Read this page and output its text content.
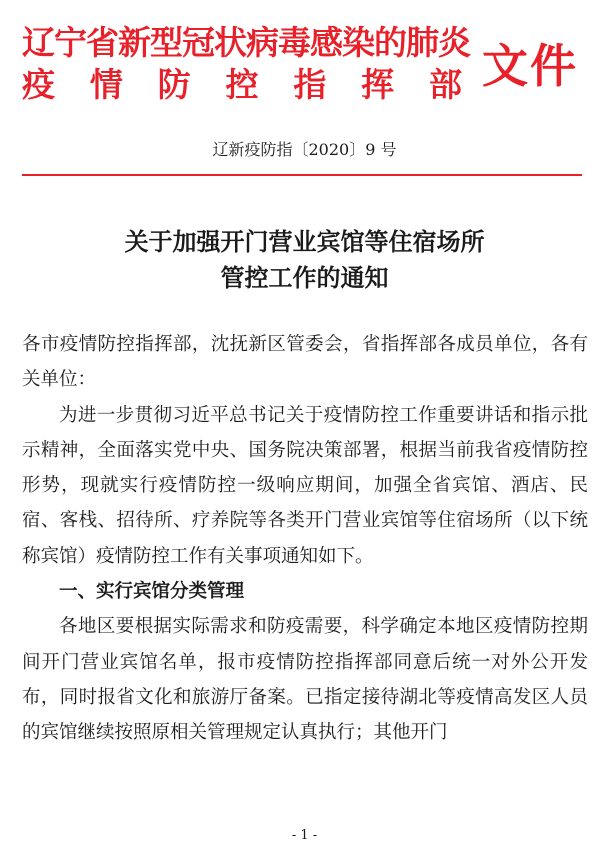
辽宁省新型冠状病毒感染的肺炎
疫 情 防 控 指 挥 部 文件
辽新疫防指〔2020〕9 号
关于加强开门营业宾馆等住宿场所
管控工作的通知

各市疫情防控指挥部，沈抚新区管委会，省指挥部各成员单位，各有关单位：

为进一步贯彻习近平总书记关于疫情防控工作重要讲话和指示批示精神，全面落实党中央、国务院决策部署，根据当前我省疫情防控形势，现就实行疫情防控一级响应期间，加强全省宾馆、酒店、民宿、客栈、招待所、疗养院等各类开门营业宾馆等住宿场所（以下统称宾馆）疫情防控工作有关事项通知如下。

一、实行宾馆分类管理

各地区要根据实际需求和防疫需要，科学确定本地区疫情防控期间开门营业宾馆名单，报市疫情防控指挥部同意后统一对外公开发布，同时报省文化和旅游厅备案。已指定接待湖北等疫情高发区人员的宾馆继续按照原相关管理规定认真执行；其他开门

- 1 -
